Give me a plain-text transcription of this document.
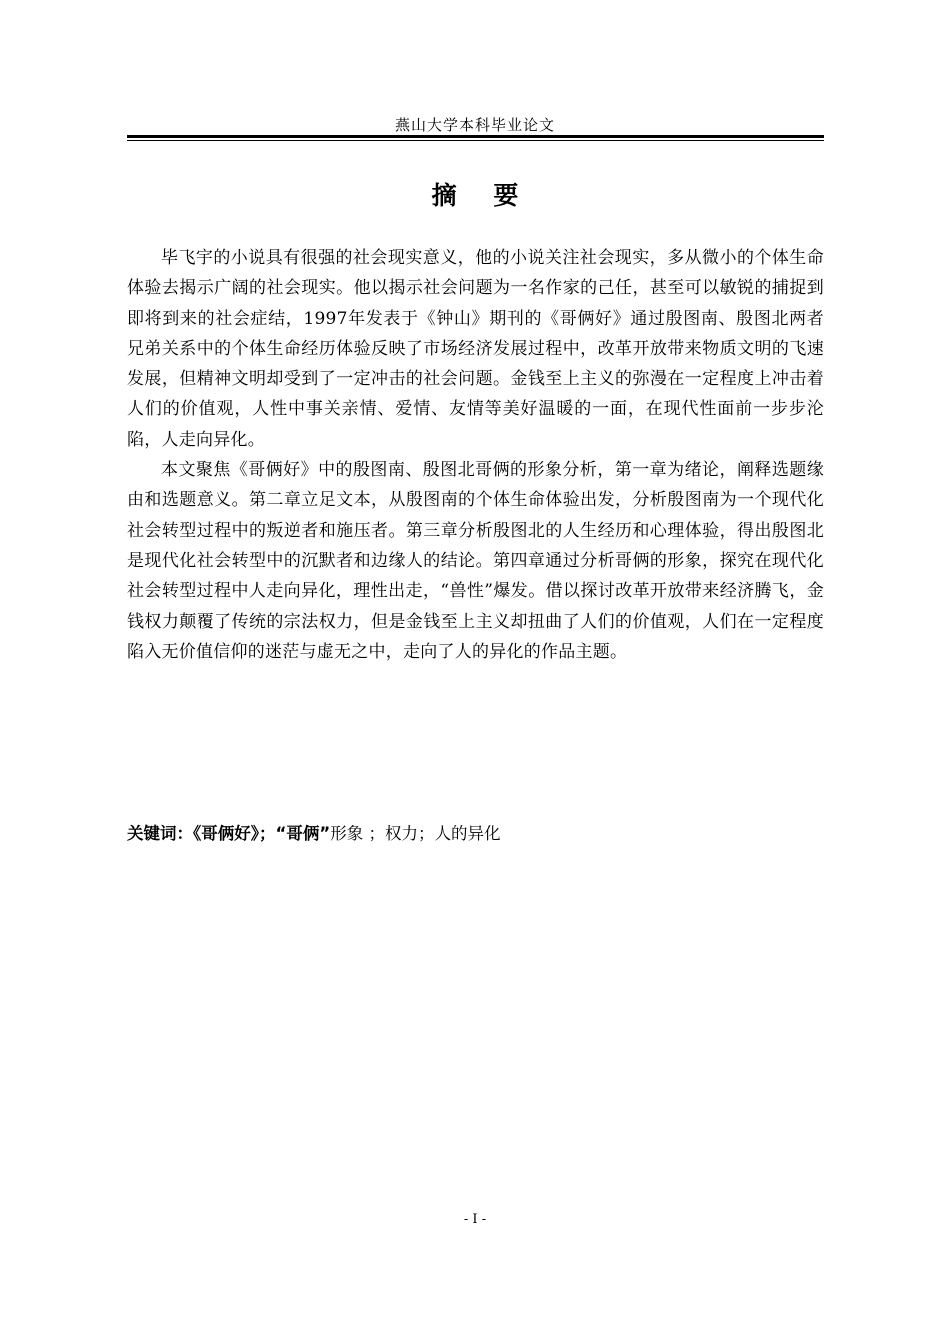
燕山大学本科毕业论文
摘 要

毕飞宇的小说具有很强的社会现实意义，他的小说关注社会现实，多从微小的个体生命体验去揭示广阔的社会现实。他以揭示社会问题为一名作家的己任，甚至可以敏锐的捕捉到即将到来的社会症结，1997年发表于《钟山》期刊的《哥俩好》通过殷图南、殷图北两者兄弟关系中的个体生命经历体验反映了市场经济发展过程中，改革开放带来物质文明的飞速发展，但精神文明却受到了一定冲击的社会问题。金钱至上主义的弥漫在一定程度上冲击着人们的价值观，人性中事关亲情、爱情、友情等美好温暖的一面，在现代性面前一步步沦陷，人走向异化。

本文聚焦《哥俩好》中的殷图南、殷图北哥俩的形象分析，第一章为绪论，阐释选题缘由和选题意义。第二章立足文本，从殷图南的个体生命体验出发，分析殷图南为一个现代化社会转型过程中的叛逆者和施压者。第三章分析殷图北的人生经历和心理体验，得出殷图北是现代化社会转型中的沉默者和边缘人的结论。第四章通过分析哥俩的形象，探究在现代化社会转型过程中人走向异化，理性出走，“兽性”爆发。借以探讨改革开放带来经济腾飞，金钱权力颠覆了传统的宗法权力，但是金钱至上主义却扭曲了人们的价值观，人们在一定程度陷入无价值信仰的迷茫与虚无之中，走向了人的异化的作品主题。

关键词：《哥俩好》；“哥俩”形象 ；权力；人的异化
- I -
